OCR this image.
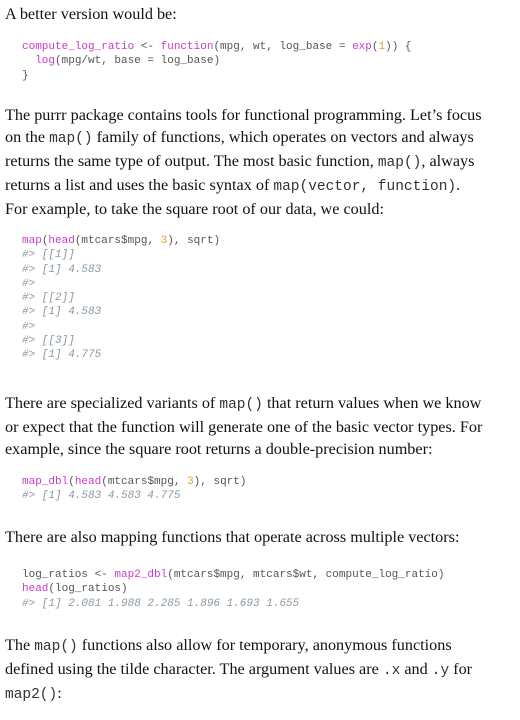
A better version would be:

compute_log_ratio <- function(mpg, wt, log_base = exp(1)) {
log(mpg/wt, base = log_base)
}
The purrr package contains tools for functional programming. Let’s focus
on the map() family of functions, which operates on vectors and always
returns the same type of output. The most basic function, map(), always
returns a list and uses the basic syntax of map(vector, function).
For example, to take the square root of our data, we could:
map(head(mtcars$mpg, 3), sqrt)
#> [[1]]
#> [1] 4.583
#>
#> [[2]]
#> [1] 4.583
#>
#> [[3]]
#> [1] 4.775
There are specialized variants of map() that return values when we know
or expect that the function will generate one of the basic vector types. For
example, since the square root returns a double-precision number:
map_dbl(head(mtcars$mpg, 3), sqrt)
#> [1] 4.583 4.583 4.775

There are also mapping functions that operate across multiple vectors:

log_ratios <- map2_dbl(mtcars$mpg, mtcars$wt, compute_log_ratio)
head(log_ratios)
#> [1] 2.081 1.988 2.285 1.896 1.693 1.655
The map() functions also allow for temporary, anonymous functions
defined using the tilde character. The argument values are .x and .y for
map2():
